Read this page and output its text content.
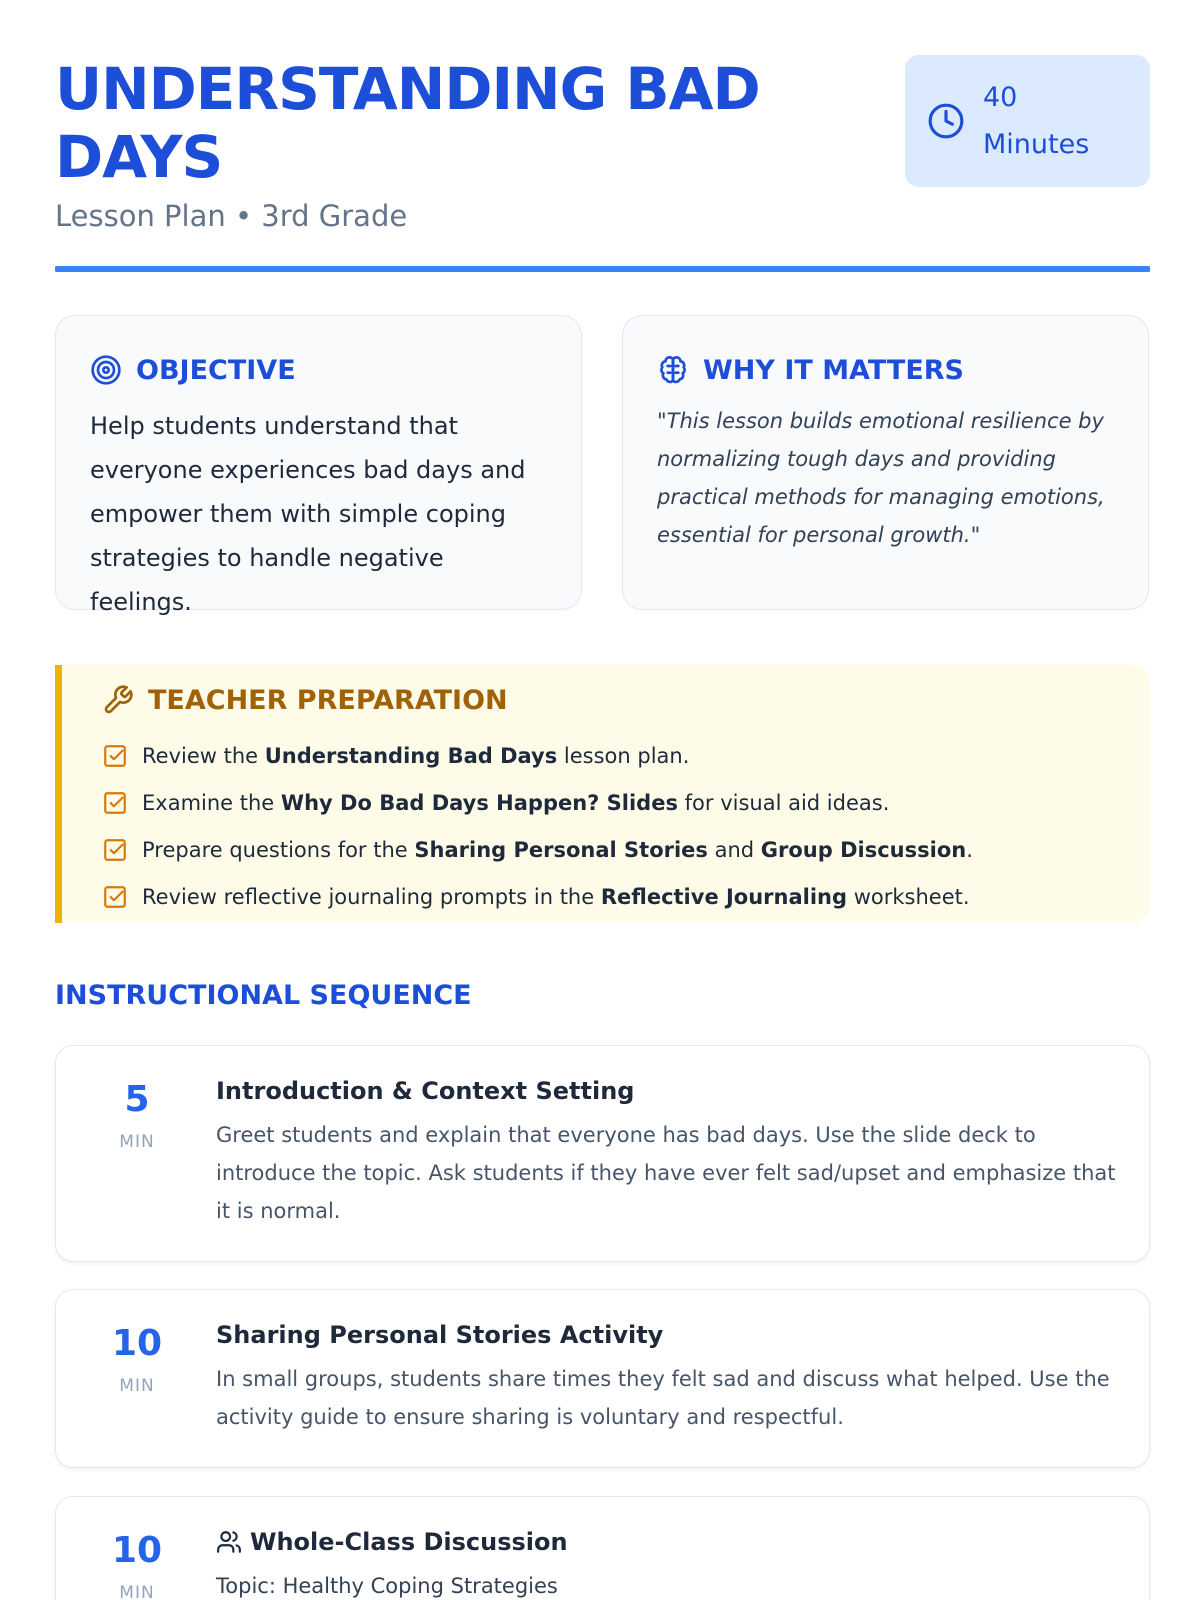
UNDERSTANDING BAD DAYS
Lesson Plan • 3rd Grade
40
Minutes
OBJECTIVE
Help students understand that everyone experiences bad days and empower them with simple coping strategies to handle negative feelings.
WHY IT MATTERS
"This lesson builds emotional resilience by normalizing tough days and providing practical methods for managing emotions, essential for personal growth."
TEACHER PREPARATION
Review the Understanding Bad Days lesson plan.
Examine the Why Do Bad Days Happen? Slides for visual aid ideas.
Prepare questions for the Sharing Personal Stories and Group Discussion.
Review reflective journaling prompts in the Reflective Journaling worksheet.
INSTRUCTIONAL SEQUENCE
5
MIN
Introduction & Context Setting
Greet students and explain that everyone has bad days. Use the slide deck to introduce the topic. Ask students if they have ever felt sad/upset and emphasize that it is normal.
10
MIN
Sharing Personal Stories Activity
In small groups, students share times they felt sad and discuss what helped. Use the activity guide to ensure sharing is voluntary and respectful.
10
MIN
Whole-Class Discussion
Topic: Healthy Coping Strategies
